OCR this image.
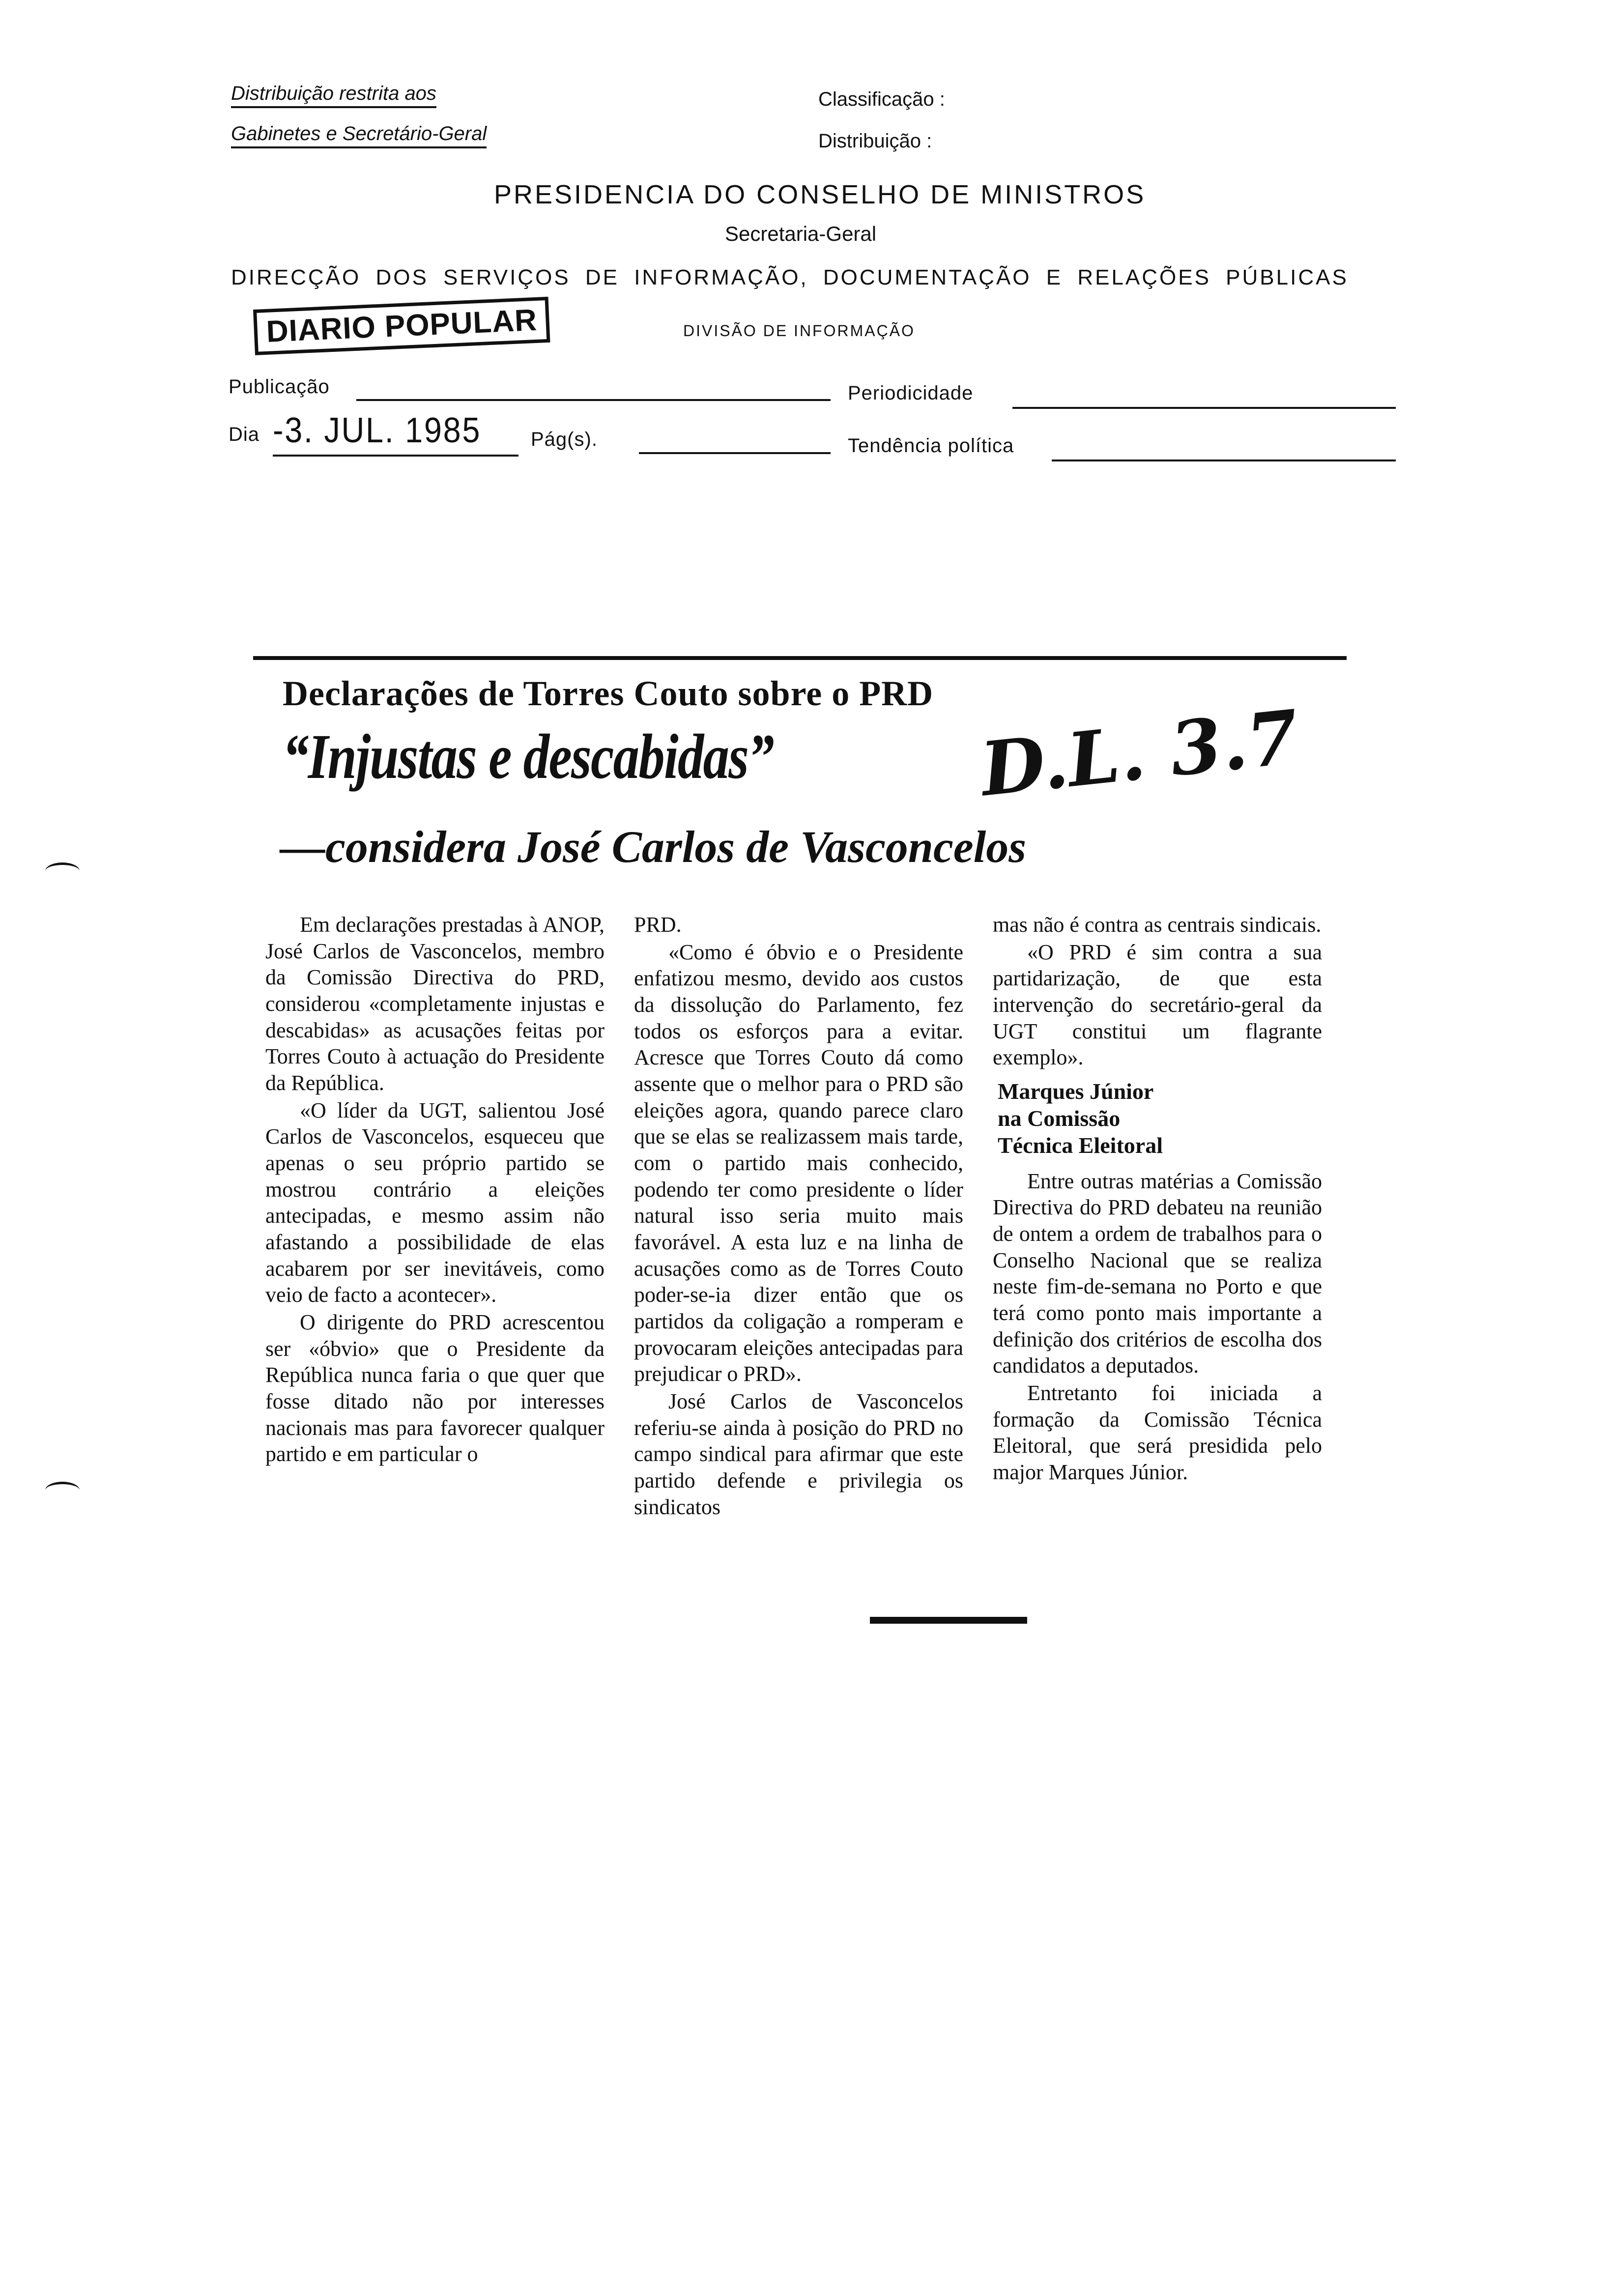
Distribuição restrita aos
Gabinetes e Secretário-Geral
Classificação :
Distribuição :
PRESIDENCIA DO CONSELHO DE MINISTROS
Secretaria-Geral
DIRECÇÃO DOS SERVIÇOS DE INFORMAÇÃO, DOCUMENTAÇÃO E RELAÇÕES PÚBLICAS
DIARIO POPULAR	DIVISÃO DE INFORMAÇÃO
Publicação	Periodicidade
Dia -3. JUL. 1985	Pág(s).	Tendência política
Declarações de Torres Couto sobre o PRD
“Injustas e descabidas”
—considera José Carlos de Vasconcelos
D.L. 3.7

Em declarações prestadas à ANOP, José Carlos de Vasconcelos, membro da Comissão Directiva do PRD, considerou «completamente injustas e descabidas» as acusações feitas por Torres Couto à actuação do Presidente da República.

«O líder da UGT, salientou José Carlos de Vasconcelos, esqueceu que apenas o seu próprio partido se mostrou contrário a eleições antecipadas, e mesmo assim não afastando a possibilidade de elas acabarem por ser inevitáveis, como veio de facto a acontecer».

O dirigente do PRD acrescentou ser «óbvio» que o Presidente da República nunca faria o que quer que fosse ditado não por interesses nacionais mas para favorecer qualquer partido e em particular o

PRD.

«Como é óbvio e o Presidente enfatizou mesmo, devido aos custos da dissolução do Parlamento, fez todos os esforços para a evitar. Acresce que Torres Couto dá como assente que o melhor para o PRD são eleições agora, quando parece claro que se elas se realizassem mais tarde, com o partido mais conhecido, podendo ter como presidente o líder natural isso seria muito mais favorável. A esta luz e na linha de acusações como as de Torres Couto poder-se-ia dizer então que os partidos da coligação a romperam e provocaram eleições antecipadas para prejudicar o PRD».

José Carlos de Vasconcelos referiu-se ainda à posição do PRD no campo sindical para afirmar que este partido defende e privilegia os sindicatos

mas não é contra as centrais sindicais.

«O PRD é sim contra a sua partidarização, de que esta intervenção do secretário-geral da UGT constitui um flagrante exemplo».

Marques Júnior
na Comissão
Técnica Eleitoral

Entre outras matérias a Comissão Directiva do PRD debateu na reunião de ontem a ordem de trabalhos para o Conselho Nacional que se realiza neste fim-de-semana no Porto e que terá como ponto mais importante a definição dos critérios de escolha dos candidatos a deputados.

Entretanto foi iniciada a formação da Comissão Técnica Eleitoral, que será presidida pelo major Marques Júnior.
